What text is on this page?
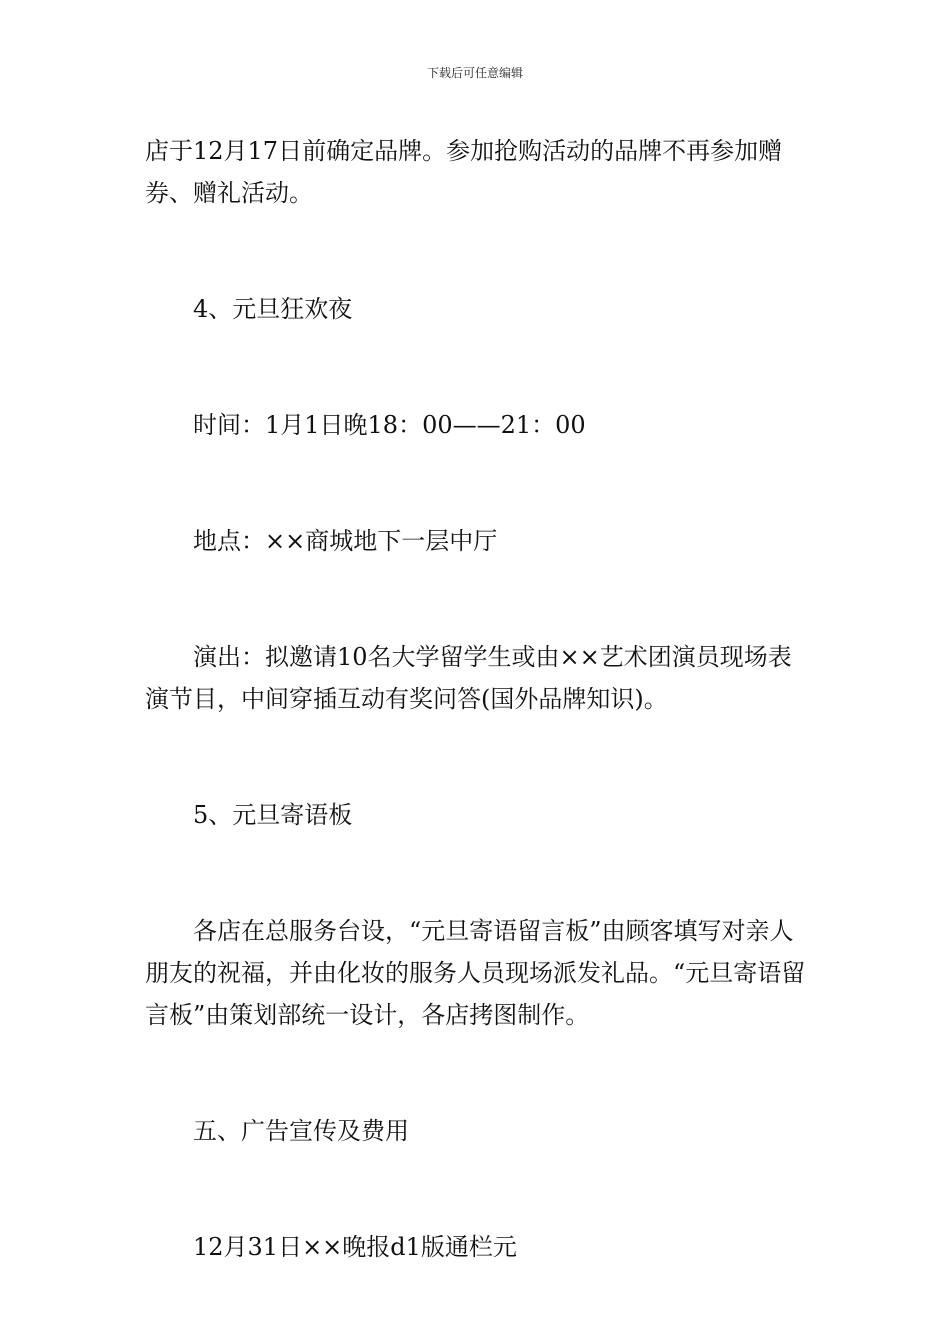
下载后可任意编辑

店于12月17日前确定品牌。参加抢购活动的品牌不再参加赠券、赠礼活动。

4、元旦狂欢夜

时间：1月1日晚18：00——21：00

地点：××商城地下一层中厅

演出：拟邀请10名大学留学生或由××艺术团演员现场表演节目，中间穿插互动有奖问答(国外品牌知识)。

5、元旦寄语板

各店在总服务台设，“元旦寄语留言板”由顾客填写对亲人朋友的祝福，并由化妆的服务人员现场派发礼品。“元旦寄语留言板”由策划部统一设计，各店拷图制作。

五、广告宣传及费用

12月31日××晚报d1版通栏元
